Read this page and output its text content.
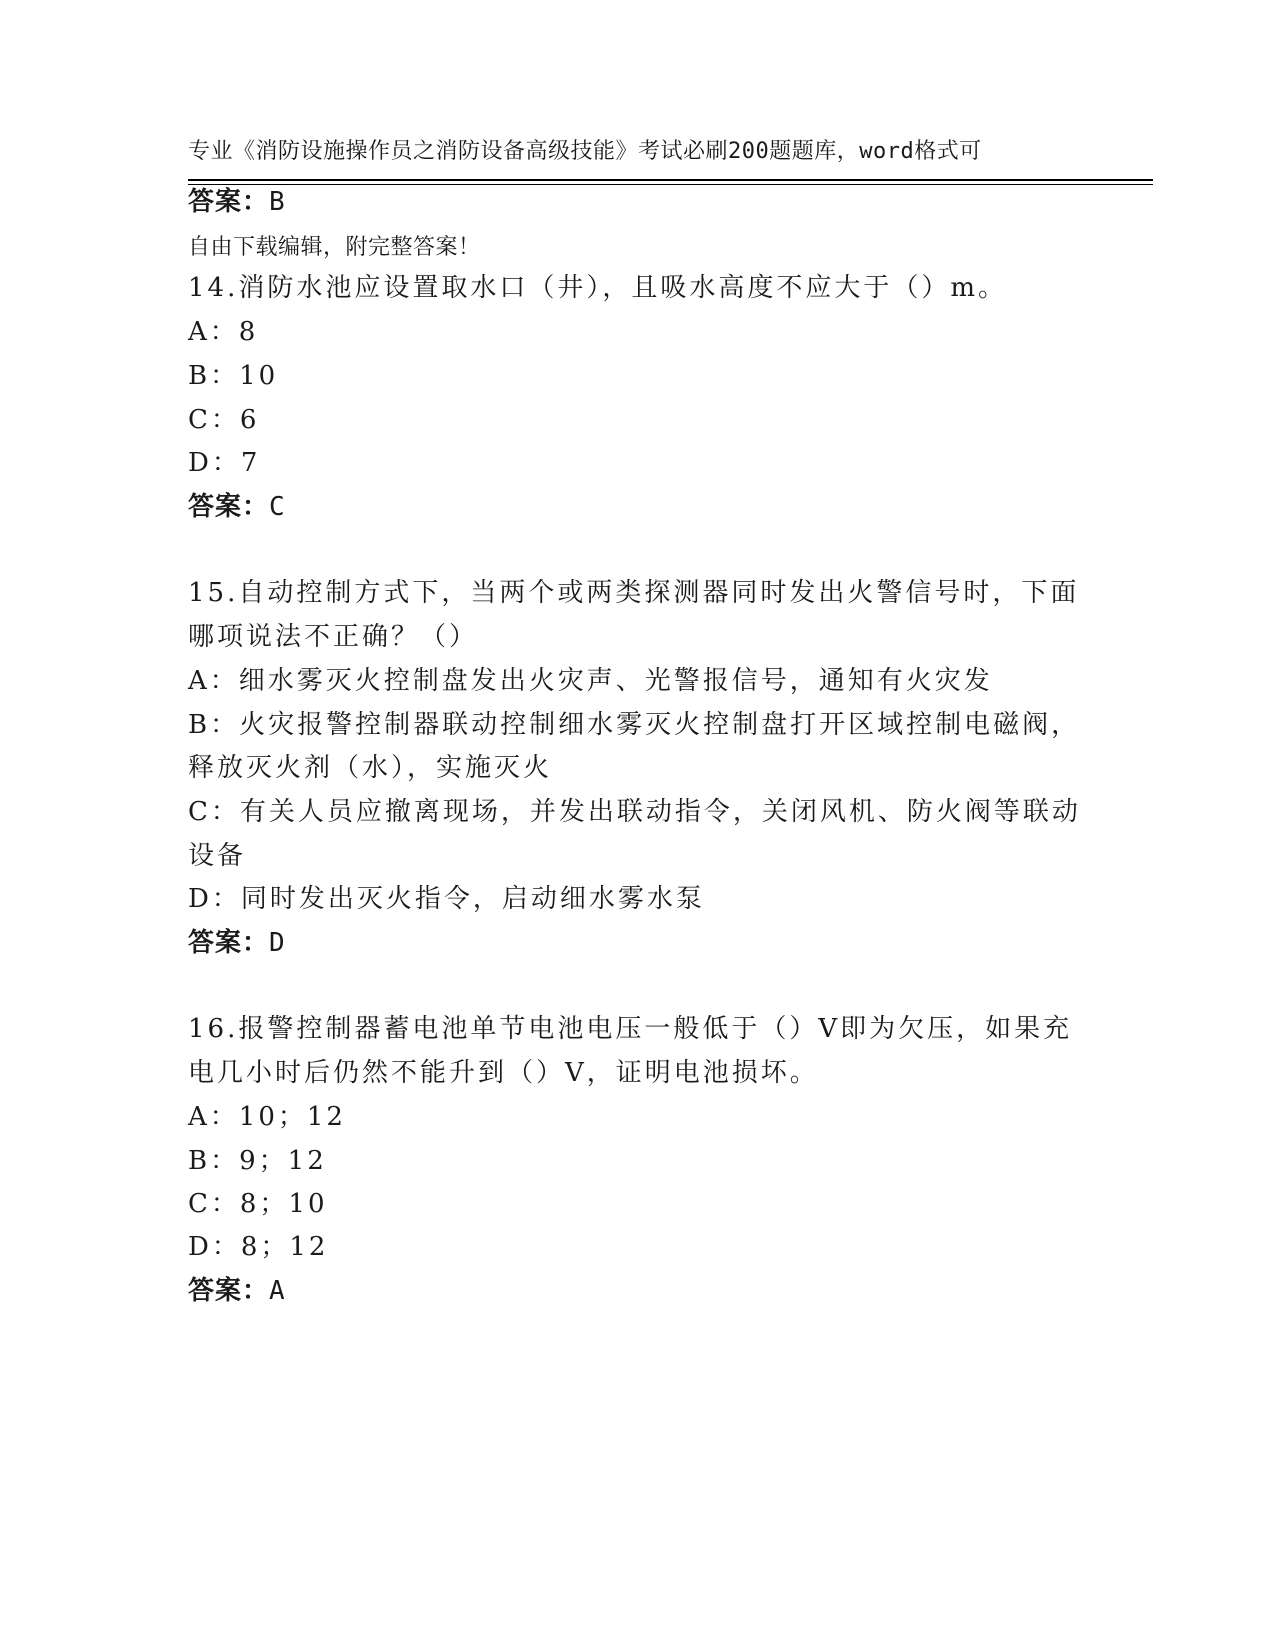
专业《消防设施操作员之消防设备高级技能》考试必刷200题题库，word格式可

自由下载编辑，附完整答案！

答案：B
14.消防水池应设置取水口（井），且吸水高度不应大于（）m。
A：8
B：10
C：6
D：7
答案：C
15.自动控制方式下，当两个或两类探测器同时发出火警信号时，下面
哪项说法不正确？（）
A：细水雾灭火控制盘发出火灾声、光警报信号，通知有火灾发
B：火灾报警控制器联动控制细水雾灭火控制盘打开区域控制电磁阀，
释放灭火剂（水），实施灭火
C：有关人员应撤离现场，并发出联动指令，关闭风机、防火阀等联动
设备
D：同时发出灭火指令，启动细水雾水泵
答案：D
16.报警控制器蓄电池单节电池电压一般低于（）V即为欠压，如果充
电几小时后仍然不能升到（）V，证明电池损坏。
A：10；12
B：9；12
C：8；10
D：8；12
答案：A
